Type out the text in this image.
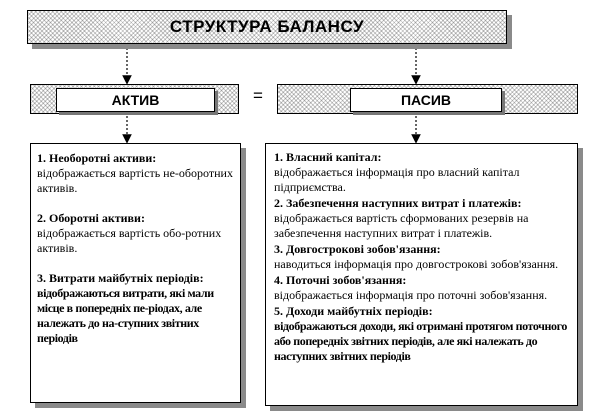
СТРУКТУРА БАЛАНСУ
АКТИВ	=	ПАСИВ
1. Необоротні активи:
відображається вартість не-оборотних активів.
2. Оборотні активи:
відображається вартість обо-ротних активів.
3. Витрати майбутніх періодів:
відображаються витрати, які мали місце в попередніх пе-ріодах, але належать до на-ступних звітних періодів
1. Власний капітал:
відображається інформація про власний капітал підприємства.
2. Забезпечення наступних витрат і платежів:
відображається вартість сформованих резервів на забезпечення наступних витрат і платежів.
3. Довгострокові зобов'язання:
наводиться інформація про довгострокові зобов'язання.
4. Поточні зобов'язання:
відображається інформація про поточні зобов'язання.
5. Доходи майбутніх періодів:
відображаються доходи, які отримані протягом поточного або попередніх звітних періодів, але які належать до наступних звітних періодів
